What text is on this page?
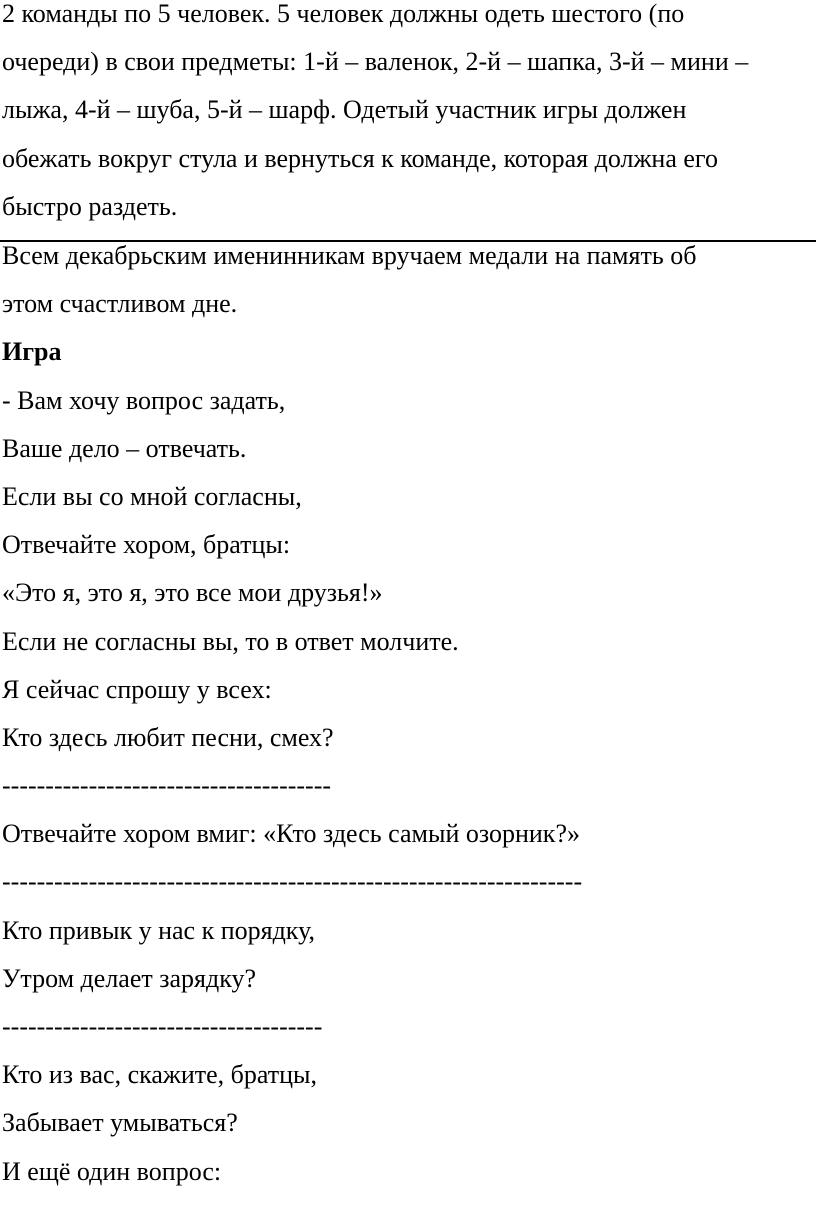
2 команды по 5 человек. 5 человек должны одеть шестого (по
очереди) в свои предметы: 1-й – валенок, 2-й – шапка, 3-й – мини –
лыжа, 4-й – шуба, 5-й – шарф. Одетый участник игры должен
обежать вокруг стула и вернуться к команде, которая должна его
быстро раздеть.
Всем декабрьским именинникам вручаем медали на память об
этом счастливом дне.
Игра
- Вам хочу вопрос задать,
Ваше дело – отвечать.
Если вы со мной согласны,
Отвечайте хором, братцы:
«Это я, это я, это все мои друзья!»
Если не согласны вы, то в ответ молчите.
Я сейчас спрошу у всех:
Кто здесь любит песни, смех?
--------------------------------------
Отвечайте хором вмиг: «Кто здесь самый озорник?»
-------------------------------------------------------------------
Кто привык у нас к порядку,
Утром делает зарядку?
-------------------------------------
Кто из вас, скажите, братцы,
Забывает умываться?
И ещё один вопрос:
